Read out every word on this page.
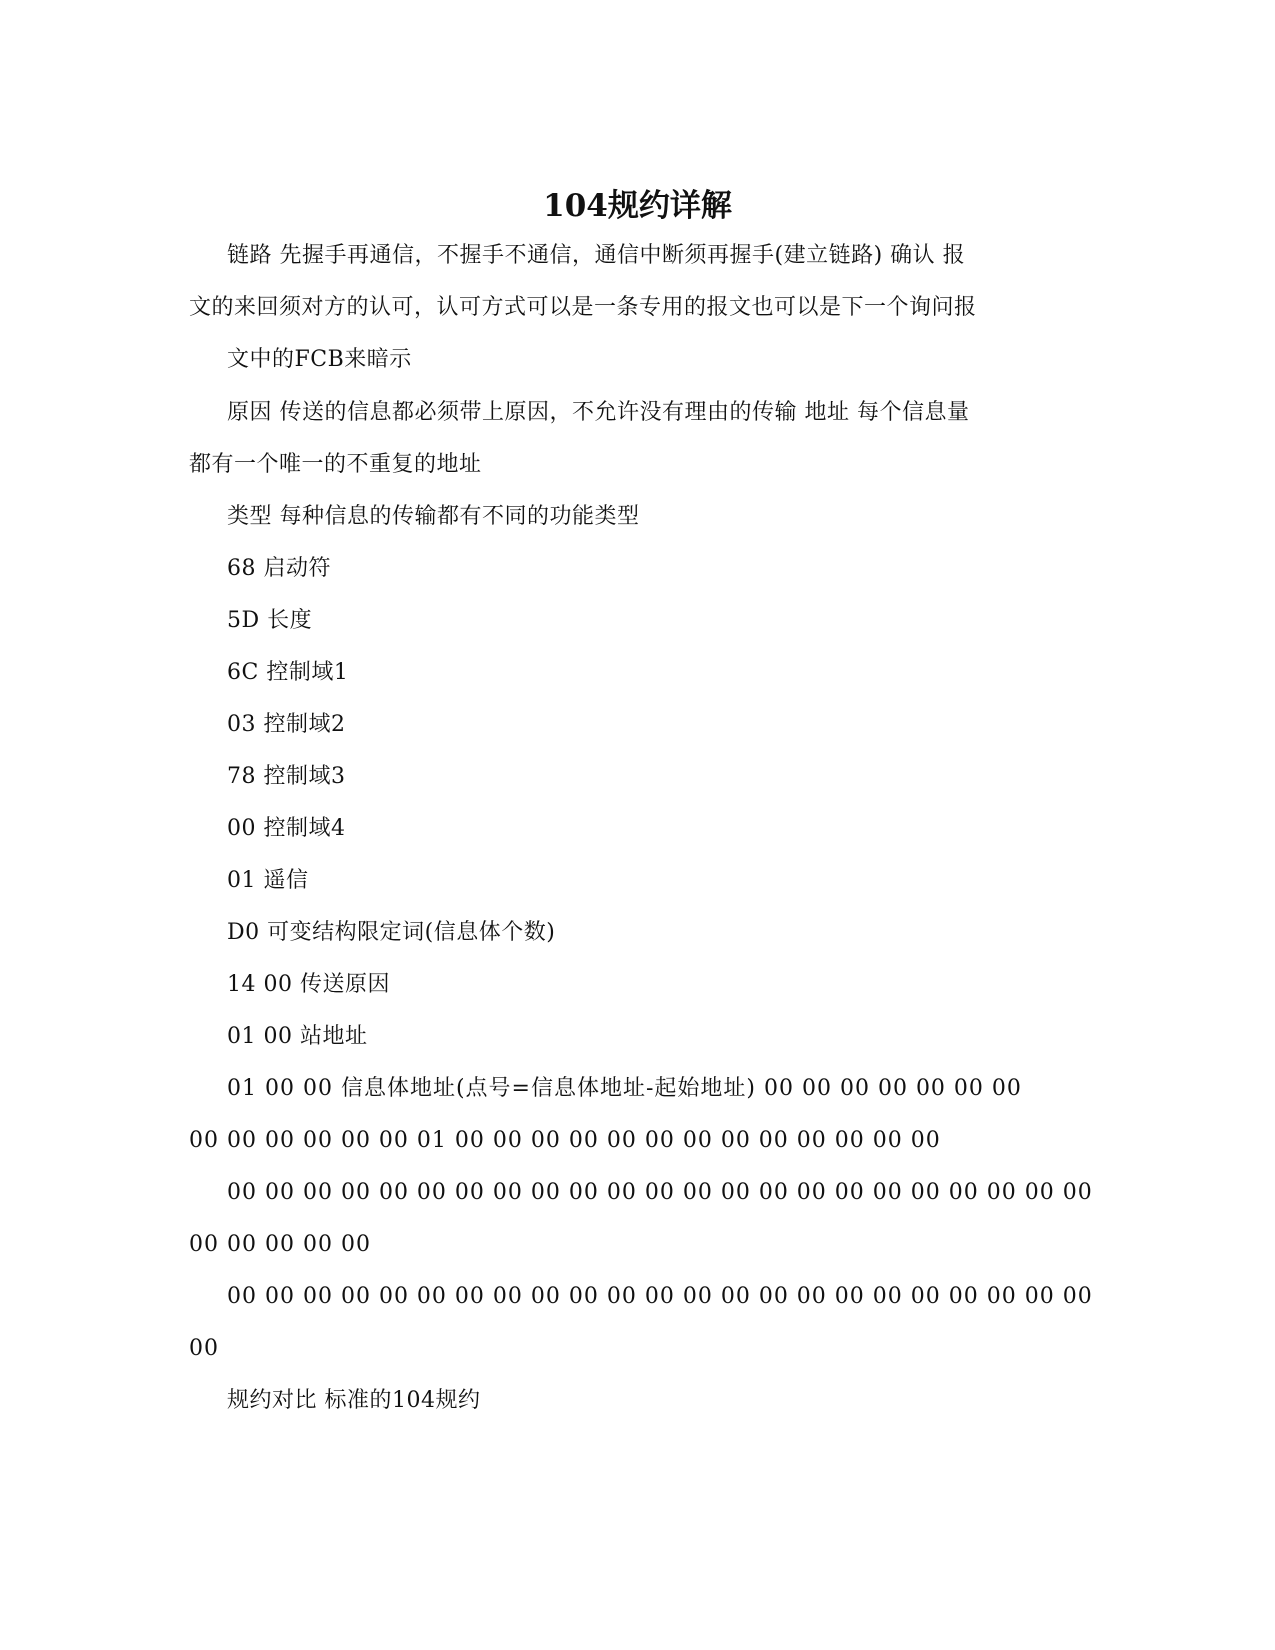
104规约详解
链路 先握手再通信，不握手不通信，通信中断须再握手(建立链路) 确认 报
文的来回须对方的认可，认可方式可以是一条专用的报文也可以是下一个询问报
文中的FCB来暗示
原因 传送的信息都必须带上原因，不允许没有理由的传输 地址 每个信息量
都有一个唯一的不重复的地址
类型 每种信息的传输都有不同的功能类型
68 启动符
5D 长度
6C 控制域1
03 控制域2
78 控制域3
00 控制域4
01 遥信
D0 可变结构限定词(信息体个数)
14 00 传送原因
01 00 站地址
01 00 00 信息体地址(点号=信息体地址-起始地址) 00 00 00 00 00 00 00
00 00 00 00 00 00 01 00 00 00 00 00 00 00 00 00 00 00 00 00
00 00 00 00 00 00 00 00 00 00 00 00 00 00 00 00 00 00 00 00 00 00 00
00 00 00 00 00
00 00 00 00 00 00 00 00 00 00 00 00 00 00 00 00 00 00 00 00 00 00 00
00
规约对比 标准的104规约
